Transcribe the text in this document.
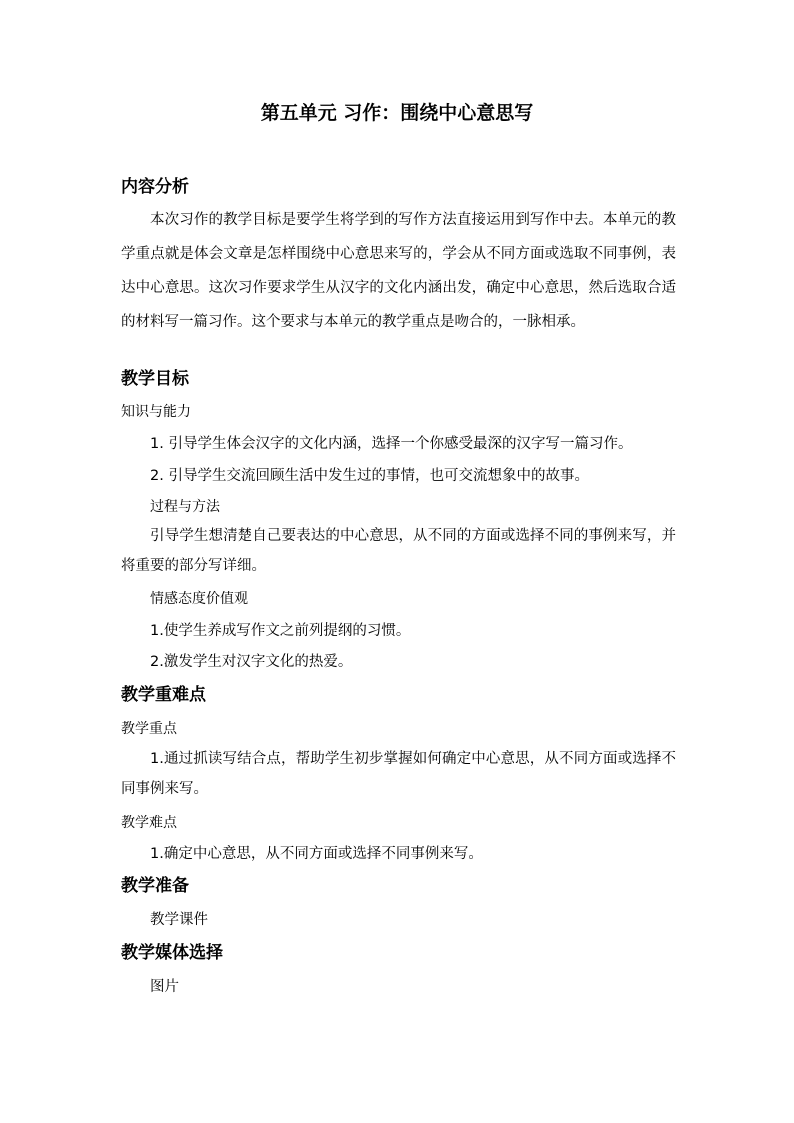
第五单元 习作：围绕中心意思写
内容分析

本次习作的教学目标是要学生将学到的写作方法直接运用到写作中去。本单元的教学重点就是体会文章是怎样围绕中心意思来写的，学会从不同方面或选取不同事例，表达中心意思。这次习作要求学生从汉字的文化内涵出发，确定中心意思，然后选取合适的材料写一篇习作。这个要求与本单元的教学重点是吻合的，一脉相承。

教学目标
知识与能力
1. 引导学生体会汉字的文化内涵，选择一个你感受最深的汉字写一篇习作。
2. 引导学生交流回顾生活中发生过的事情，也可交流想象中的故事。
过程与方法

引导学生想清楚自己要表达的中心意思，从不同的方面或选择不同的事例来写，并将重要的部分写详细。

情感态度价值观
1.使学生养成写作文之前列提纲的习惯。
2.激发学生对汉字文化的热爱。
教学重难点
教学重点

1.通过抓读写结合点，帮助学生初步掌握如何确定中心意思，从不同方面或选择不同事例来写。

教学难点
1.确定中心意思，从不同方面或选择不同事例来写。
教学准备
教学课件
教学媒体选择
图片
